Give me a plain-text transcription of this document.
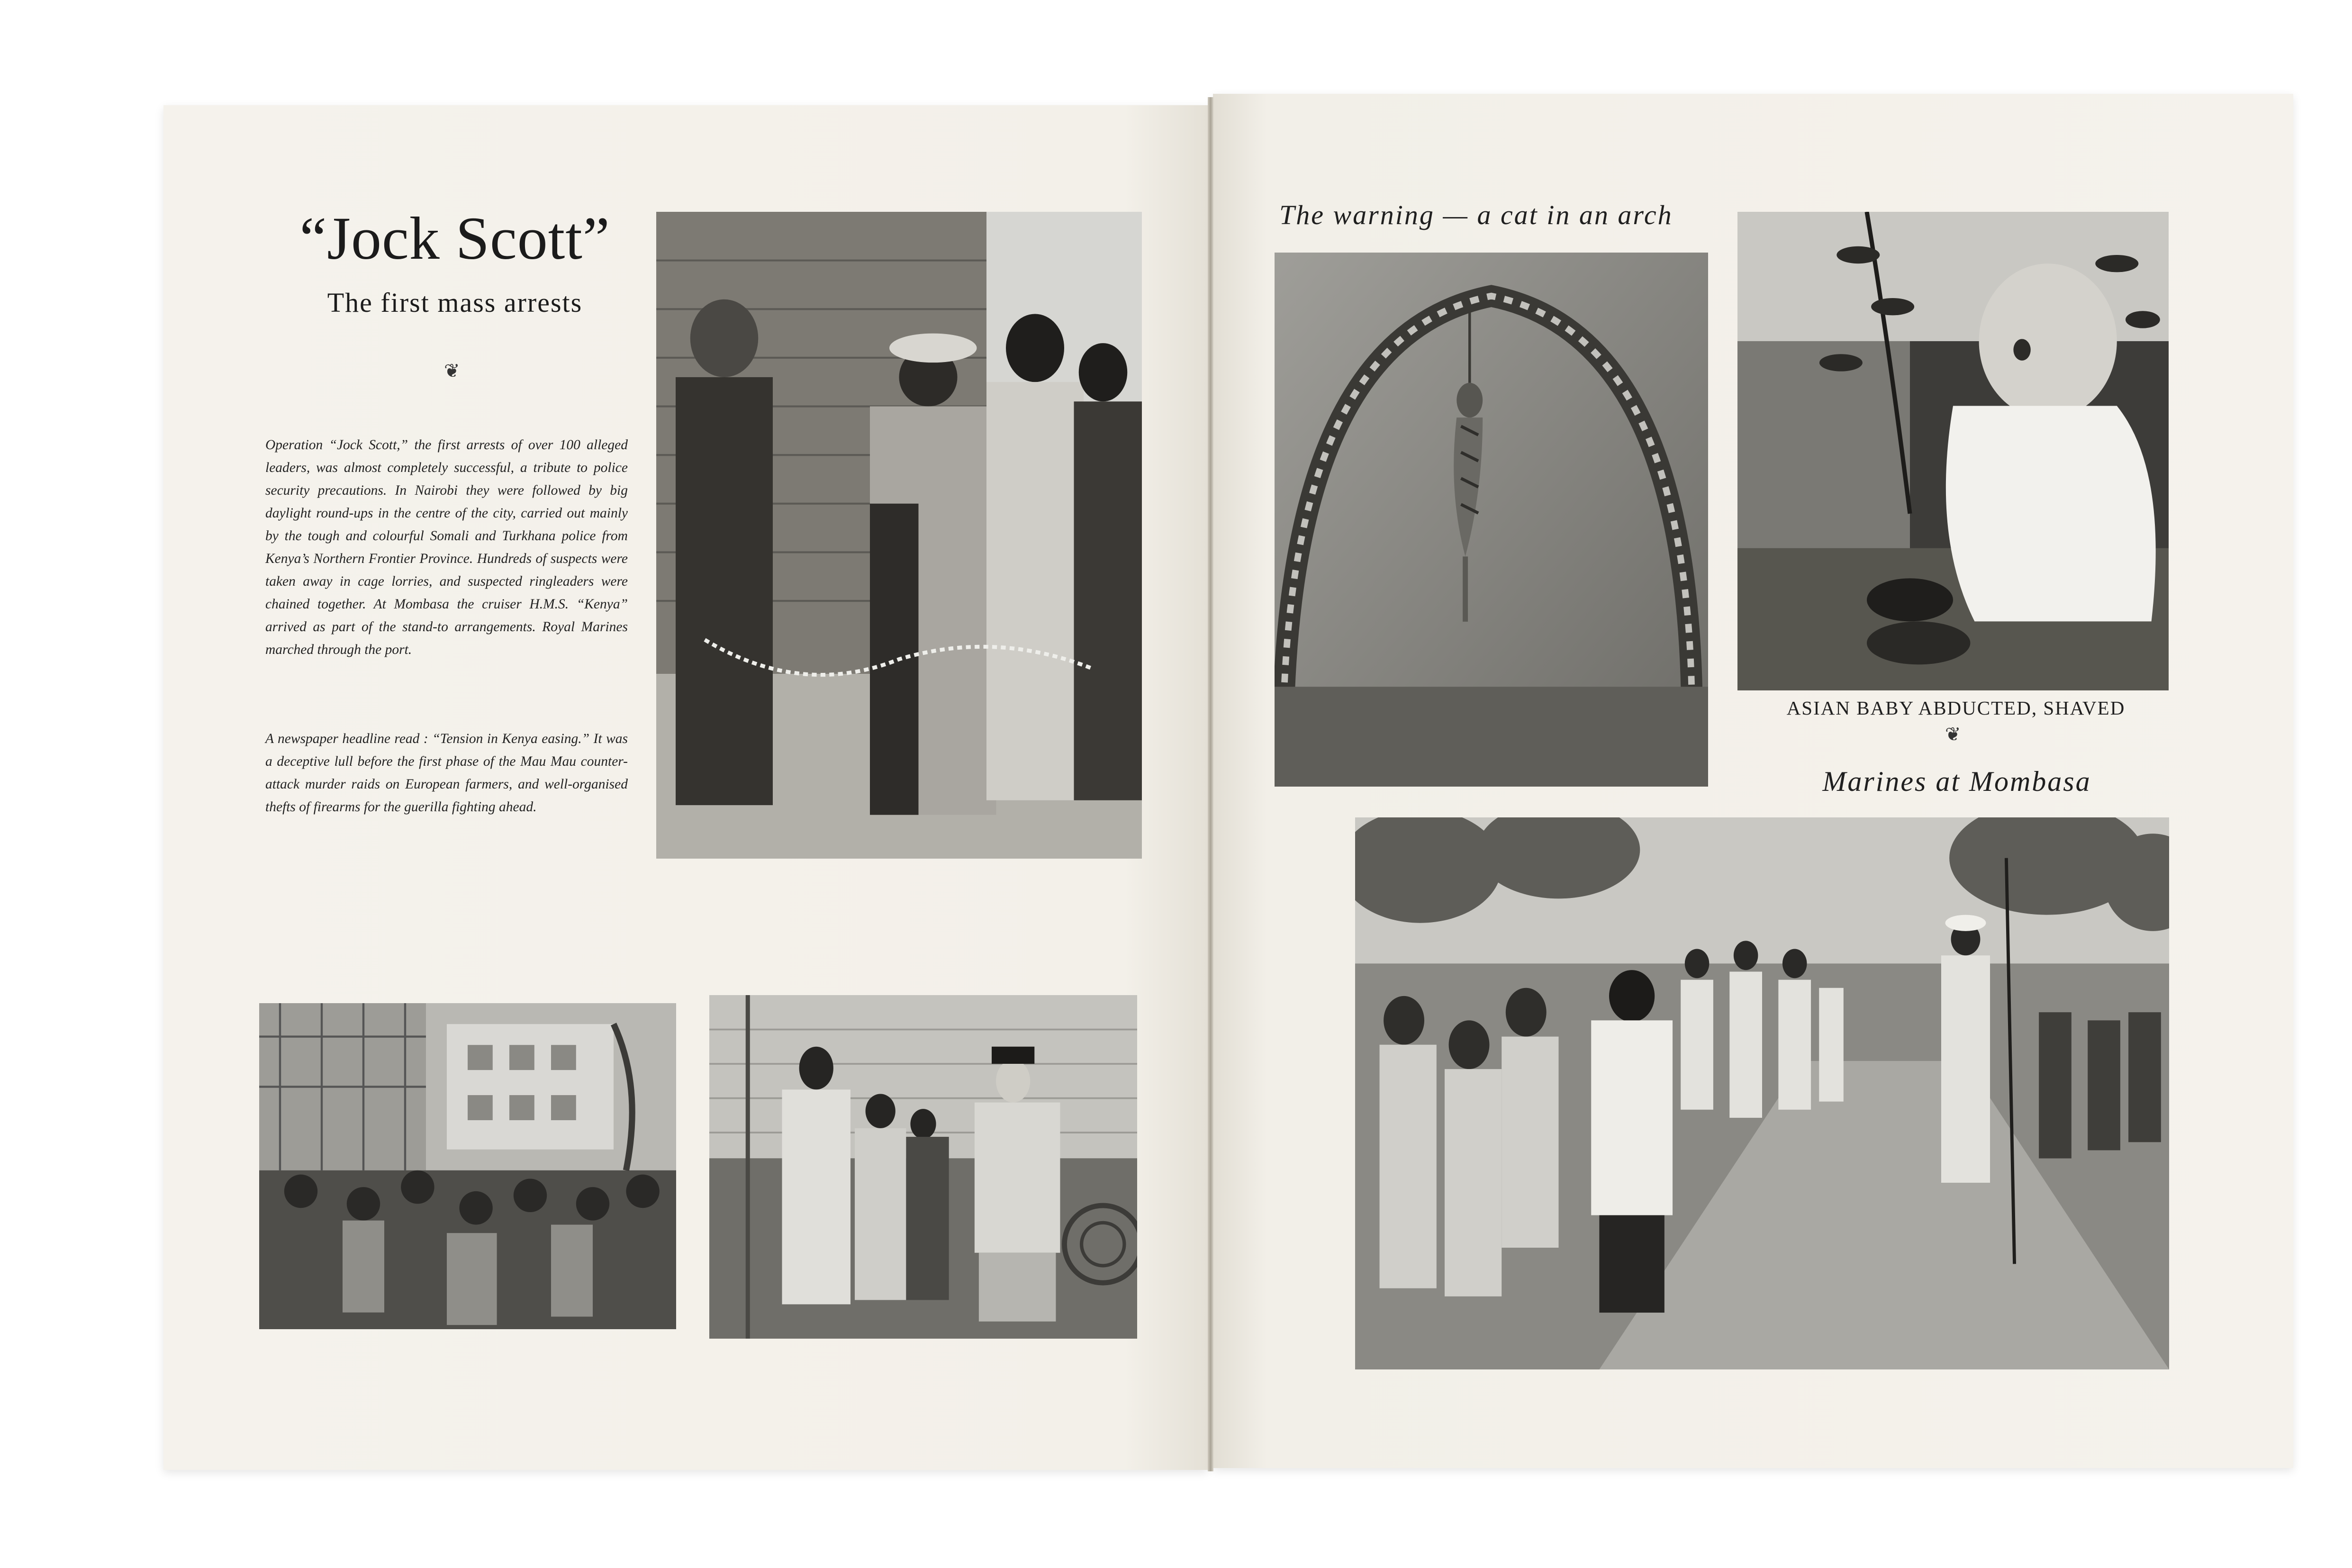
“Jock Scott”
The first mass arrests
❦

Operation “Jock Scott,” the first arrests of over 100 alleged leaders, was almost completely successful, a tribute to police security precautions. In Nairobi they were followed by big daylight round-ups in the centre of the city, carried out mainly by the tough and colourful Somali and Turkhana police from Kenya’s Northern Frontier Province. Hundreds of suspects were taken away in cage lorries, and suspected ringleaders were chained together. At Mombasa the cruiser H.M.S. “Kenya” arrived as part of the stand-to arrangements. Royal Marines marched through the port.

A newspaper headline read : “Tension in Kenya easing.” It was a deceptive lull before the first phase of the Mau Mau counter-attack murder raids on European farmers, and well-organised thefts of firearms for the guerilla fighting ahead.

The warning — a cat in an arch
ASIAN BABY ABDUCTED, SHAVED
❦
Marines at Mombasa
